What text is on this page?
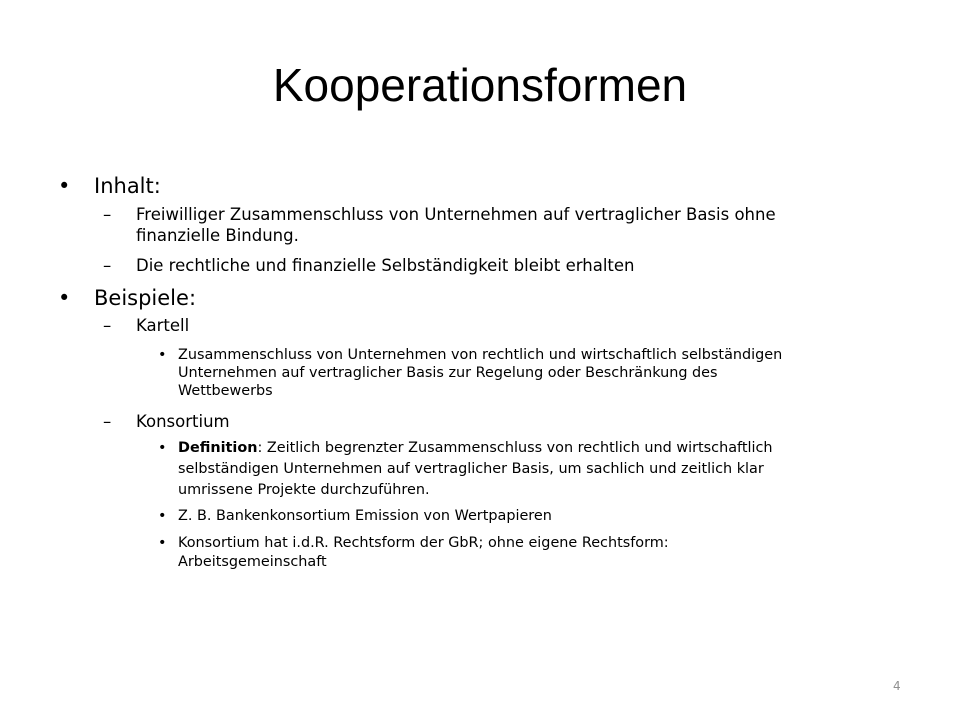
Kooperationsformen
• Inhalt:
– Freiwilliger Zusammenschluss von Unternehmen auf vertraglicher Basis ohne
finanzielle Bindung.
– Die rechtliche und finanzielle Selbständigkeit bleibt erhalten
• Beispiele:
– Kartell
• Zusammenschluss von Unternehmen von rechtlich und wirtschaftlich selbständigen
Unternehmen auf vertraglicher Basis zur Regelung oder Beschränkung des
Wettbewerbs
– Konsortium
• Definition: Zeitlich begrenzter Zusammenschluss von rechtlich und wirtschaftlich
selbständigen Unternehmen auf vertraglicher Basis, um sachlich und zeitlich klar
umrissene Projekte durchzuführen.
• Z. B. Bankenkonsortium Emission von Wertpapieren
• Konsortium hat i.d.R. Rechtsform der GbR; ohne eigene Rechtsform:
Arbeitsgemeinschaft
4
